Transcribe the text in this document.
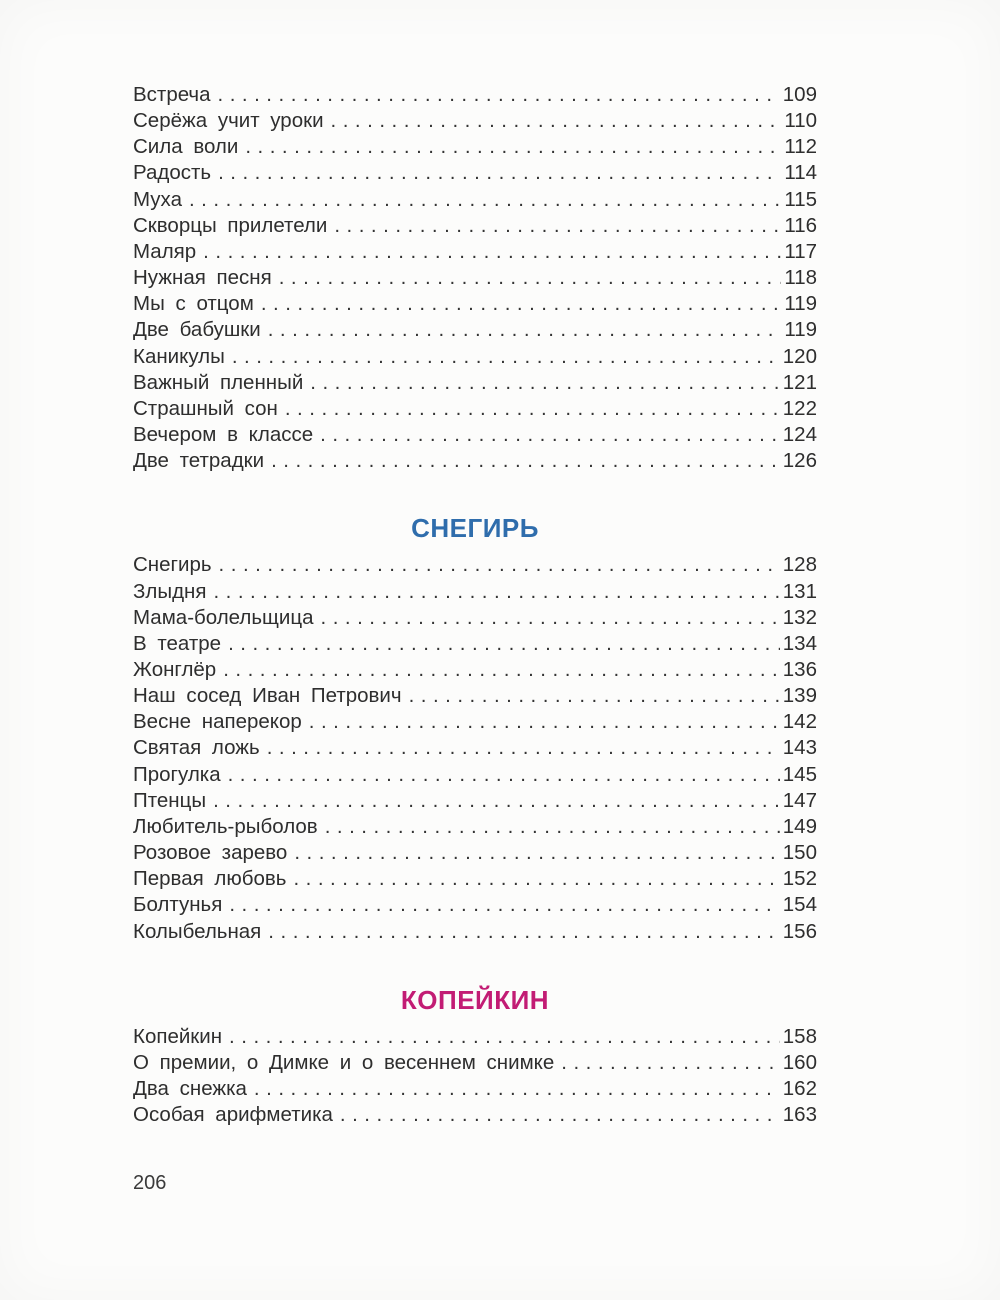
Встреча .....	109
Серёжа учит уроки .....	110
Сила воли .....	112
Радость .....	114
Муха .....	115
Скворцы прилетели .....	116
Маляр .....	117
Нужная песня .....	118
Мы с отцом .....	119
Две бабушки .....	119
Каникулы .....	120
Важный пленный .....	121
Страшный сон .....	122
Вечером в классе .....	124
Две тетрадки .....	126
СНЕГИРЬ
Снегирь .....	128
Злыдня .....	131
Мама-болельщица .....	132
В театре .....	134
Жонглёр .....	136
Наш сосед Иван Петрович .....	139
Весне наперекор .....	142
Святая ложь .....	143
Прогулка .....	145
Птенцы .....	147
Любитель-рыболов .....	149
Розовое зарево .....	150
Первая любовь .....	152
Болтунья .....	154
Колыбельная .....	156
КОПЕЙКИН
Копейкин .....	158
О премии, о Димке и о весеннем снимке .....	160
Два снежка .....	162
Особая арифметика .....	163
206
